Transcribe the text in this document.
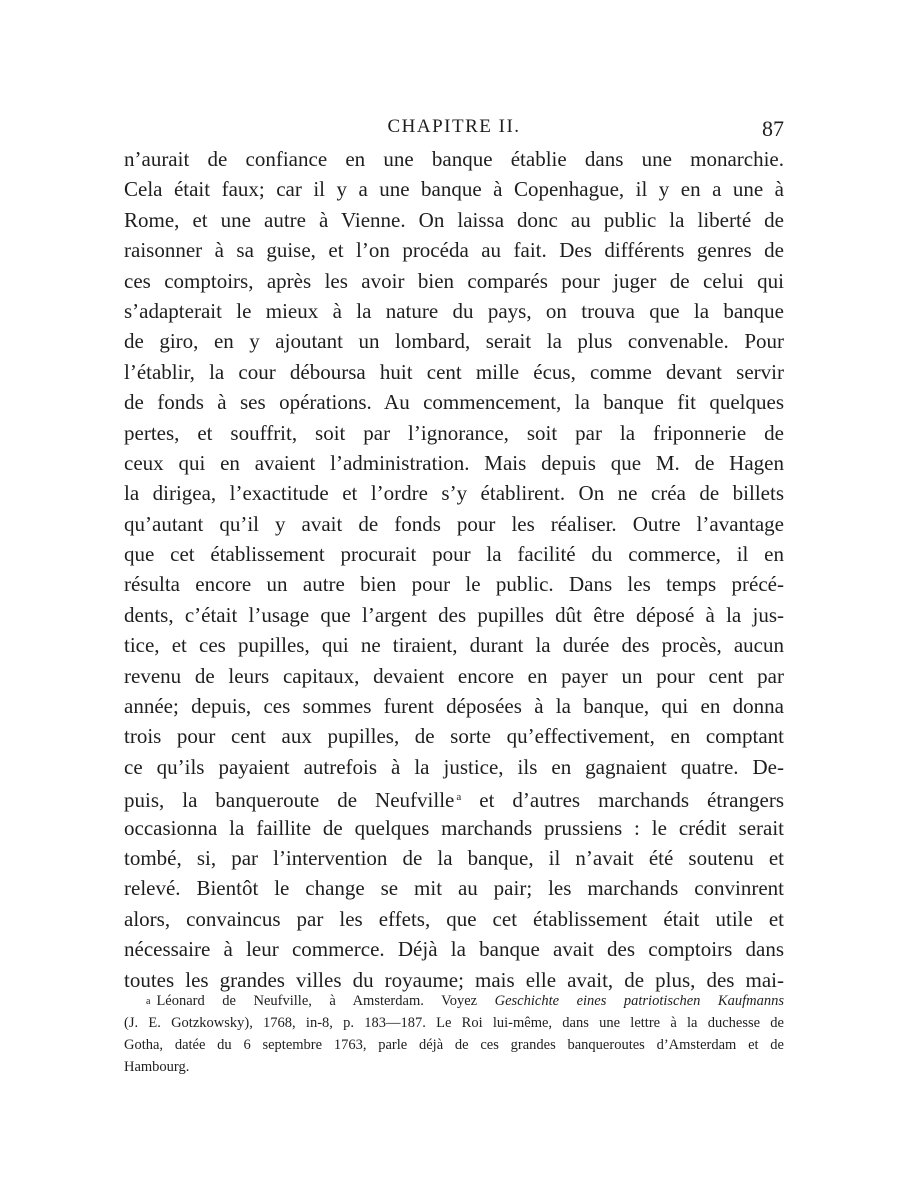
CHAPITRE II.	87
n’aurait de confiance en une banque établie dans une monarchie.
Cela était faux; car il y a une banque à Copenhague, il y en a une à
Rome, et une autre à Vienne. On laissa donc au public la liberté de
raisonner à sa guise, et l’on procéda au fait. Des différents genres de
ces comptoirs, après les avoir bien comparés pour juger de celui qui
s’adapterait le mieux à la nature du pays, on trouva que la banque
de giro, en y ajoutant un lombard, serait la plus convenable. Pour
l’établir, la cour déboursa huit cent mille écus, comme devant servir
de fonds à ses opérations. Au commencement, la banque fit quelques
pertes, et souffrit, soit par l’ignorance, soit par la friponnerie de
ceux qui en avaient l’administration. Mais depuis que M. de Hagen
la dirigea, l’exactitude et l’ordre s’y établirent. On ne créa de billets
qu’autant qu’il y avait de fonds pour les réaliser. Outre l’avantage
que cet établissement procurait pour la facilité du commerce, il en
résulta encore un autre bien pour le public. Dans les temps précé-
dents, c’était l’usage que l’argent des pupilles dût être déposé à la jus-
tice, et ces pupilles, qui ne tiraient, durant la durée des procès, aucun
revenu de leurs capitaux, devaient encore en payer un pour cent par
année; depuis, ces sommes furent déposées à la banque, qui en donna
trois pour cent aux pupilles, de sorte qu’effectivement, en comptant
ce qu’ils payaient autrefois à la justice, ils en gagnaient quatre. De-
puis, la banqueroute de Neufville $^a$ et d’autres marchands étrangers
occasionna la faillite de quelques marchands prussiens : le crédit serait
tombé, si, par l’intervention de la banque, il n’avait été soutenu et
relevé. Bientôt le change se mit au pair; les marchands convinrent
alors, convaincus par les effets, que cet établissement était utile et
nécessaire à leur commerce. Déjà la banque avait des comptoirs dans
toutes les grandes villes du royaume; mais elle avait, de plus, des mai-
a Léonard de Neufville, à Amsterdam. Voyez Geschichte eines patriotischen Kaufmanns
(J. E. Gotzkowsky), 1768, in-8, p. 183—187. Le Roi lui-même, dans une lettre à la duchesse de
Gotha, datée du 6 septembre 1763, parle déjà de ces grandes banqueroutes d’Amsterdam et de
Hambourg.
